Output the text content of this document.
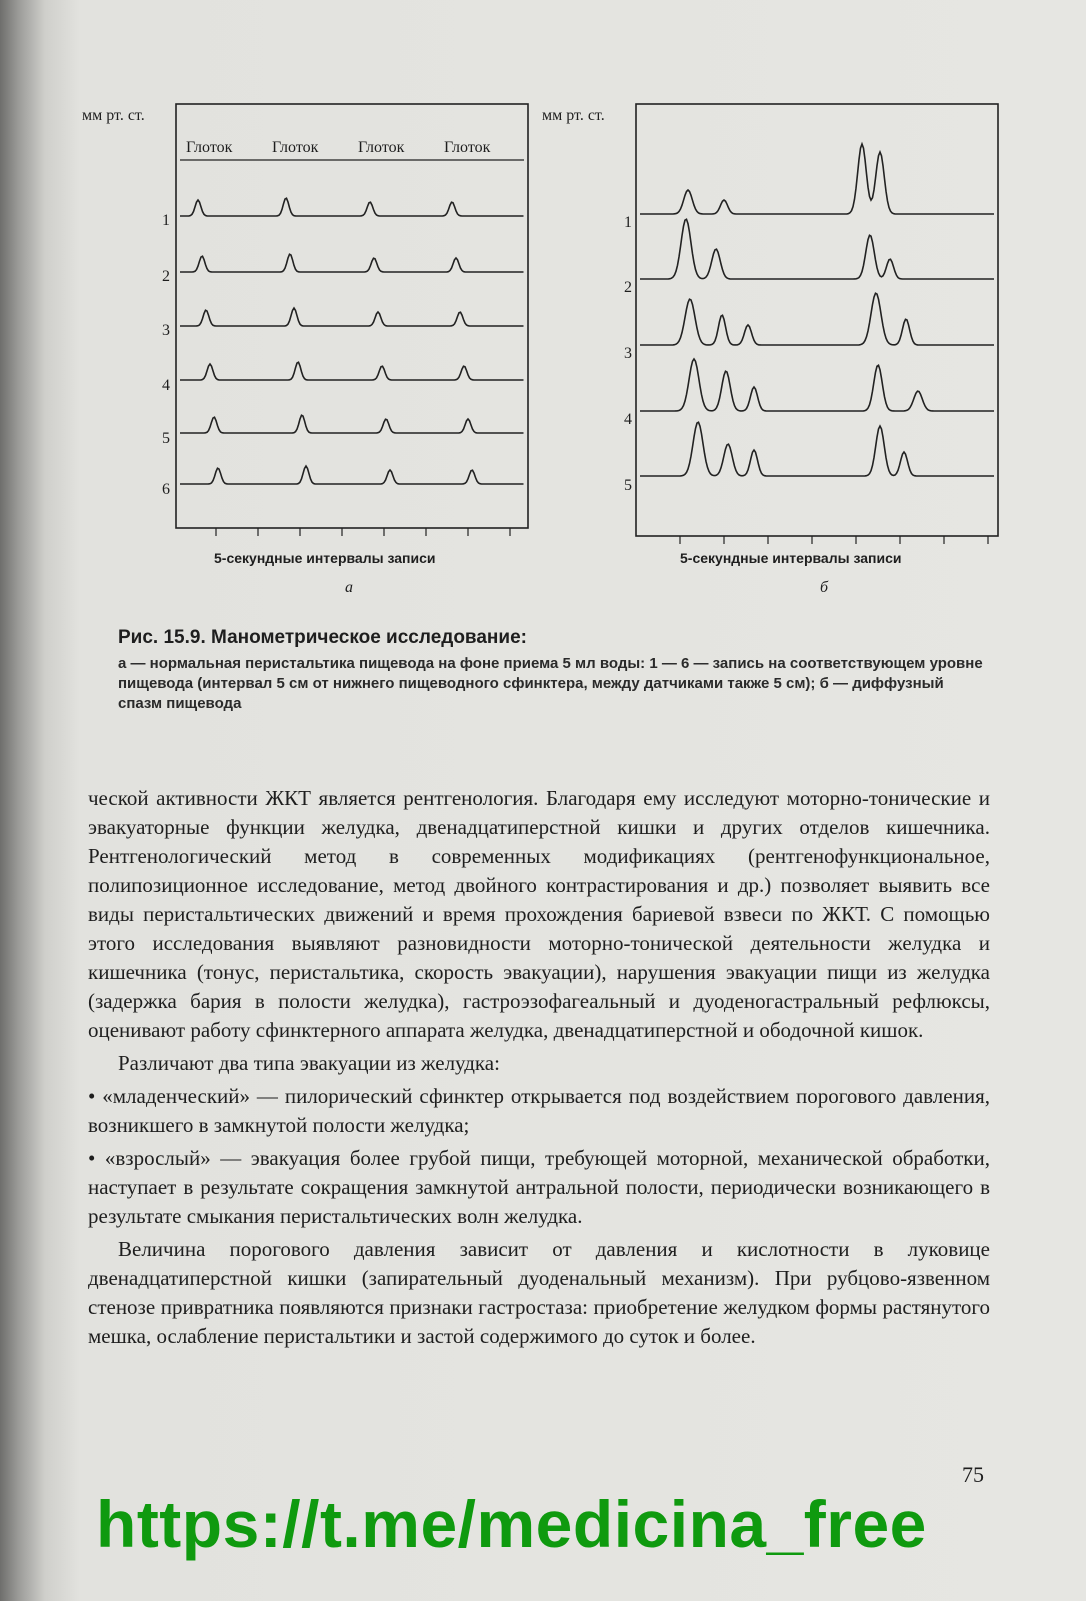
мм рт. ст.
Глоток Глоток Глоток Глоток
1
2
3
4
5
6
5-секундные интервалы записи
а
мм рт. ст.
1
2
3
4
5
5-секундные интервалы записи
б
Рис. 15.9. Манометрическое исследование:
а — нормальная перистальтика пищевода на фоне приема 5 мл воды: 1 — 6 — запись на соответствующем уровне пищевода (интервал 5 см от нижнего пищеводного сфинктера, между датчиками также 5 см); б — диффузный спазм пищевода

ческой активности ЖКТ является рентгенология. Благодаря ему исследуют моторно-тонические и эвакуаторные функции желудка, двенадцатиперстной кишки и других отделов кишечника. Рентгенологический метод в современных модификациях (рентгенофункциональное, полипозиционное исследование, метод двойного контрастирования и др.) позволяет выявить все виды перистальтических движений и время прохождения бариевой взвеси по ЖКТ. С помощью этого исследования выявляют разновидности моторно-тонической деятельности желудка и кишечника (тонус, перистальтика, скорость эвакуации), нарушения эвакуации пищи из желудка (задержка бария в полости желудка), гастроэзофагеальный и дуоденогастральный рефлюксы, оценивают работу сфинктерного аппарата желудка, двенадцатиперстной и ободочной кишок.

Различают два типа эвакуации из желудка:

• «младенческий» — пилорический сфинктер открывается под воздействием порогового давления, возникшего в замкнутой полости желудка;

• «взрослый» — эвакуация более грубой пищи, требующей моторной, механической обработки, наступает в результате сокращения замкнутой антральной полости, периодически возникающего в результате смыкания перистальтических волн желудка.

Величина порогового давления зависит от давления и кислотности в луковице двенадцатиперстной кишки (запирательный дуоденальный механизм). При рубцово-язвенном стенозе привратника появляются признаки гастростаза: приобретение желудком формы растянутого мешка, ослабление перистальтики и застой содержимого до суток и более.

75
https://t.me/medicina_free
